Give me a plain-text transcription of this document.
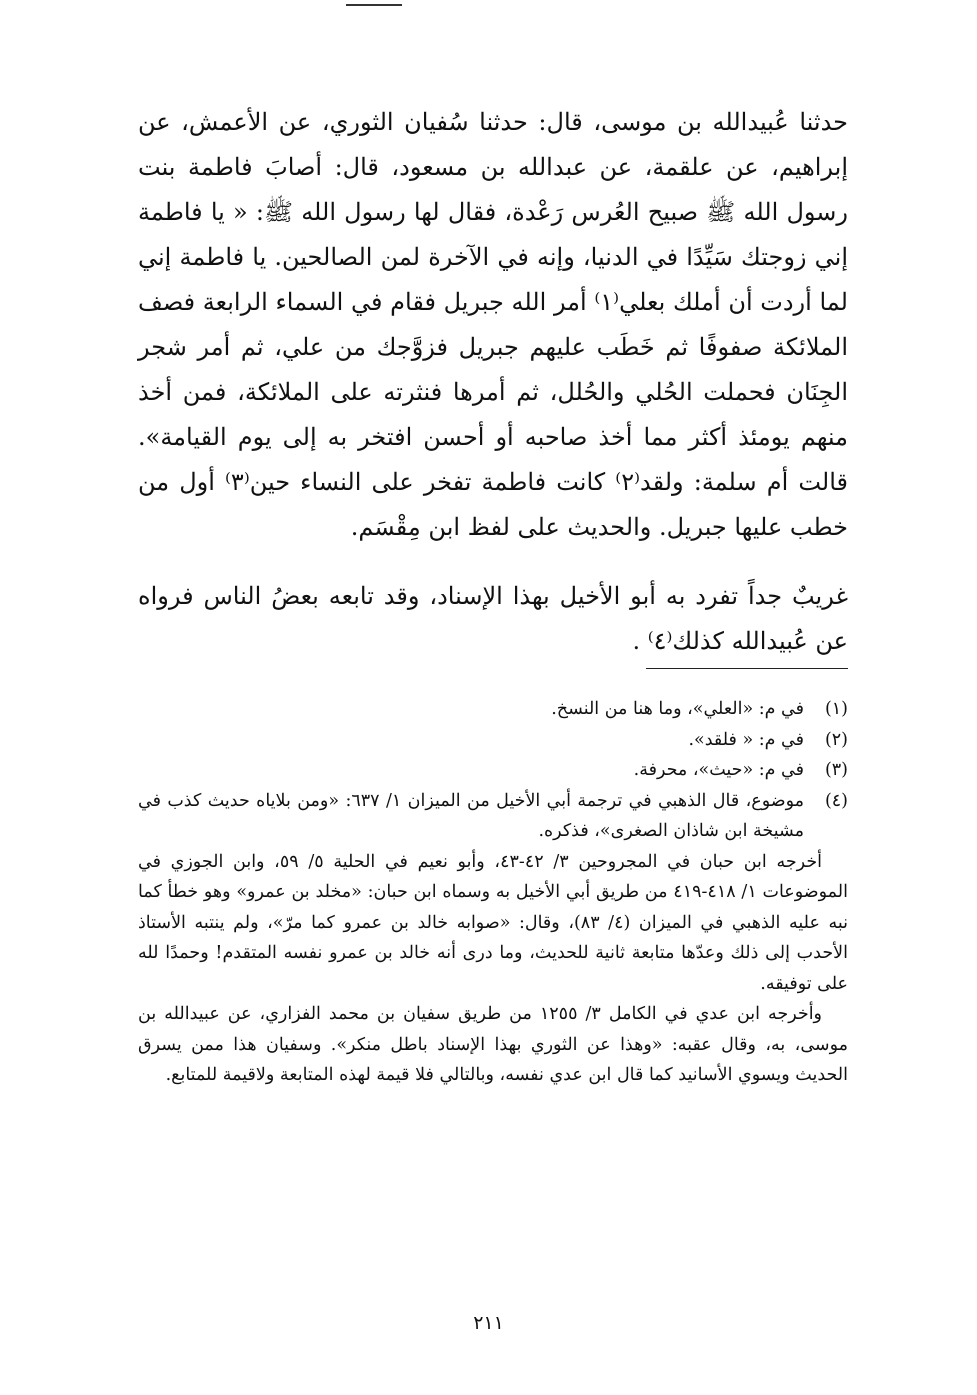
حدثنا عُبيدالله بن موسى، قال: حدثنا سُفيان الثوري، عن الأعمش، عن إبراهيم، عن علقمة، عن عبدالله بن مسعود، قال: أصابَ فاطمة بنت رسول الله ﷺ صبيح العُرس رَعْدة، فقال لها رسول الله ﷺ: « يا فاطمة إني زوجتك سَيِّدًا في الدنيا، وإنه في الآخرة لمن الصالحين. يا فاطمة إني لما أردت أن أملك بعلي⁽١⁾ أمر الله جبريل فقام في السماء الرابعة فصف الملائكة صفوفًا ثم خَطَب عليهم جبريل فزوَّجك من علي، ثم أمر شجر الجِنَان فحملت الحُلي والحُلل، ثم أمرها فنثرته على الملائكة، فمن أخذ منهم يومئذ أكثر مما أخذ صاحبه أو أحسن افتخر به إلى يوم القيامة». قالت أم سلمة: ولقد⁽٢⁾ كانت فاطمة تفخر على النساء حين⁽٣⁾ أول من خطب عليها جبريل. والحديث على لفظ ابن مِقْسَم.

غريبٌ جداً تفرد به أبو الأخيل بهذا الإسناد، وقد تابعه بعضُ الناس فرواه عن عُبيدالله كذلك⁽٤⁾ .

(١)
في م: «العلي»، وما هنا من النسخ.
(٢)
في م: « فلقد».
(٣)
في م: «حيث»، محرفة.
(٤)
موضوع، قال الذهبي في ترجمة أبي الأخيل من الميزان ١/ ٦٣٧: «ومن بلاياه حديث كذب في مشيخة ابن شاذان الصغرى»، فذكره.

أخرجه ابن حبان في المجروحين ٣/ ٤٢-٤٣، وأبو نعيم في الحلية ٥/ ٥٩، وابن الجوزي في الموضوعات ١/ ٤١٨-٤١٩ من طريق أبي الأخيل به وسماه ابن حبان: «مخلد بن عمرو» وهو خطأ كما نبه عليه الذهبي في الميزان (٤/ ٨٣)، وقال: «صوابه خالد بن عمرو كما مرّ»، ولم ينتبه الأستاذ الأحدب إلى ذلك وعدّها متابعة ثانية للحديث، وما درى أنه خالد بن عمرو نفسه المتقدم! وحمدًا لله على توفيقه.

وأخرجه ابن عدي في الكامل ٣/ ١٢٥٥ من طريق سفيان بن محمد الفزاري، عن عبيدالله بن موسى، به، وقال عقبه: «وهذا عن الثوري بهذا الإسناد باطل منكر». وسفيان هذا ممن يسرق الحديث ويسوي الأسانيد كما قال ابن عدي نفسه، وبالتالي فلا قيمة لهذه المتابعة ولاقيمة للمتابع.

٢١١
